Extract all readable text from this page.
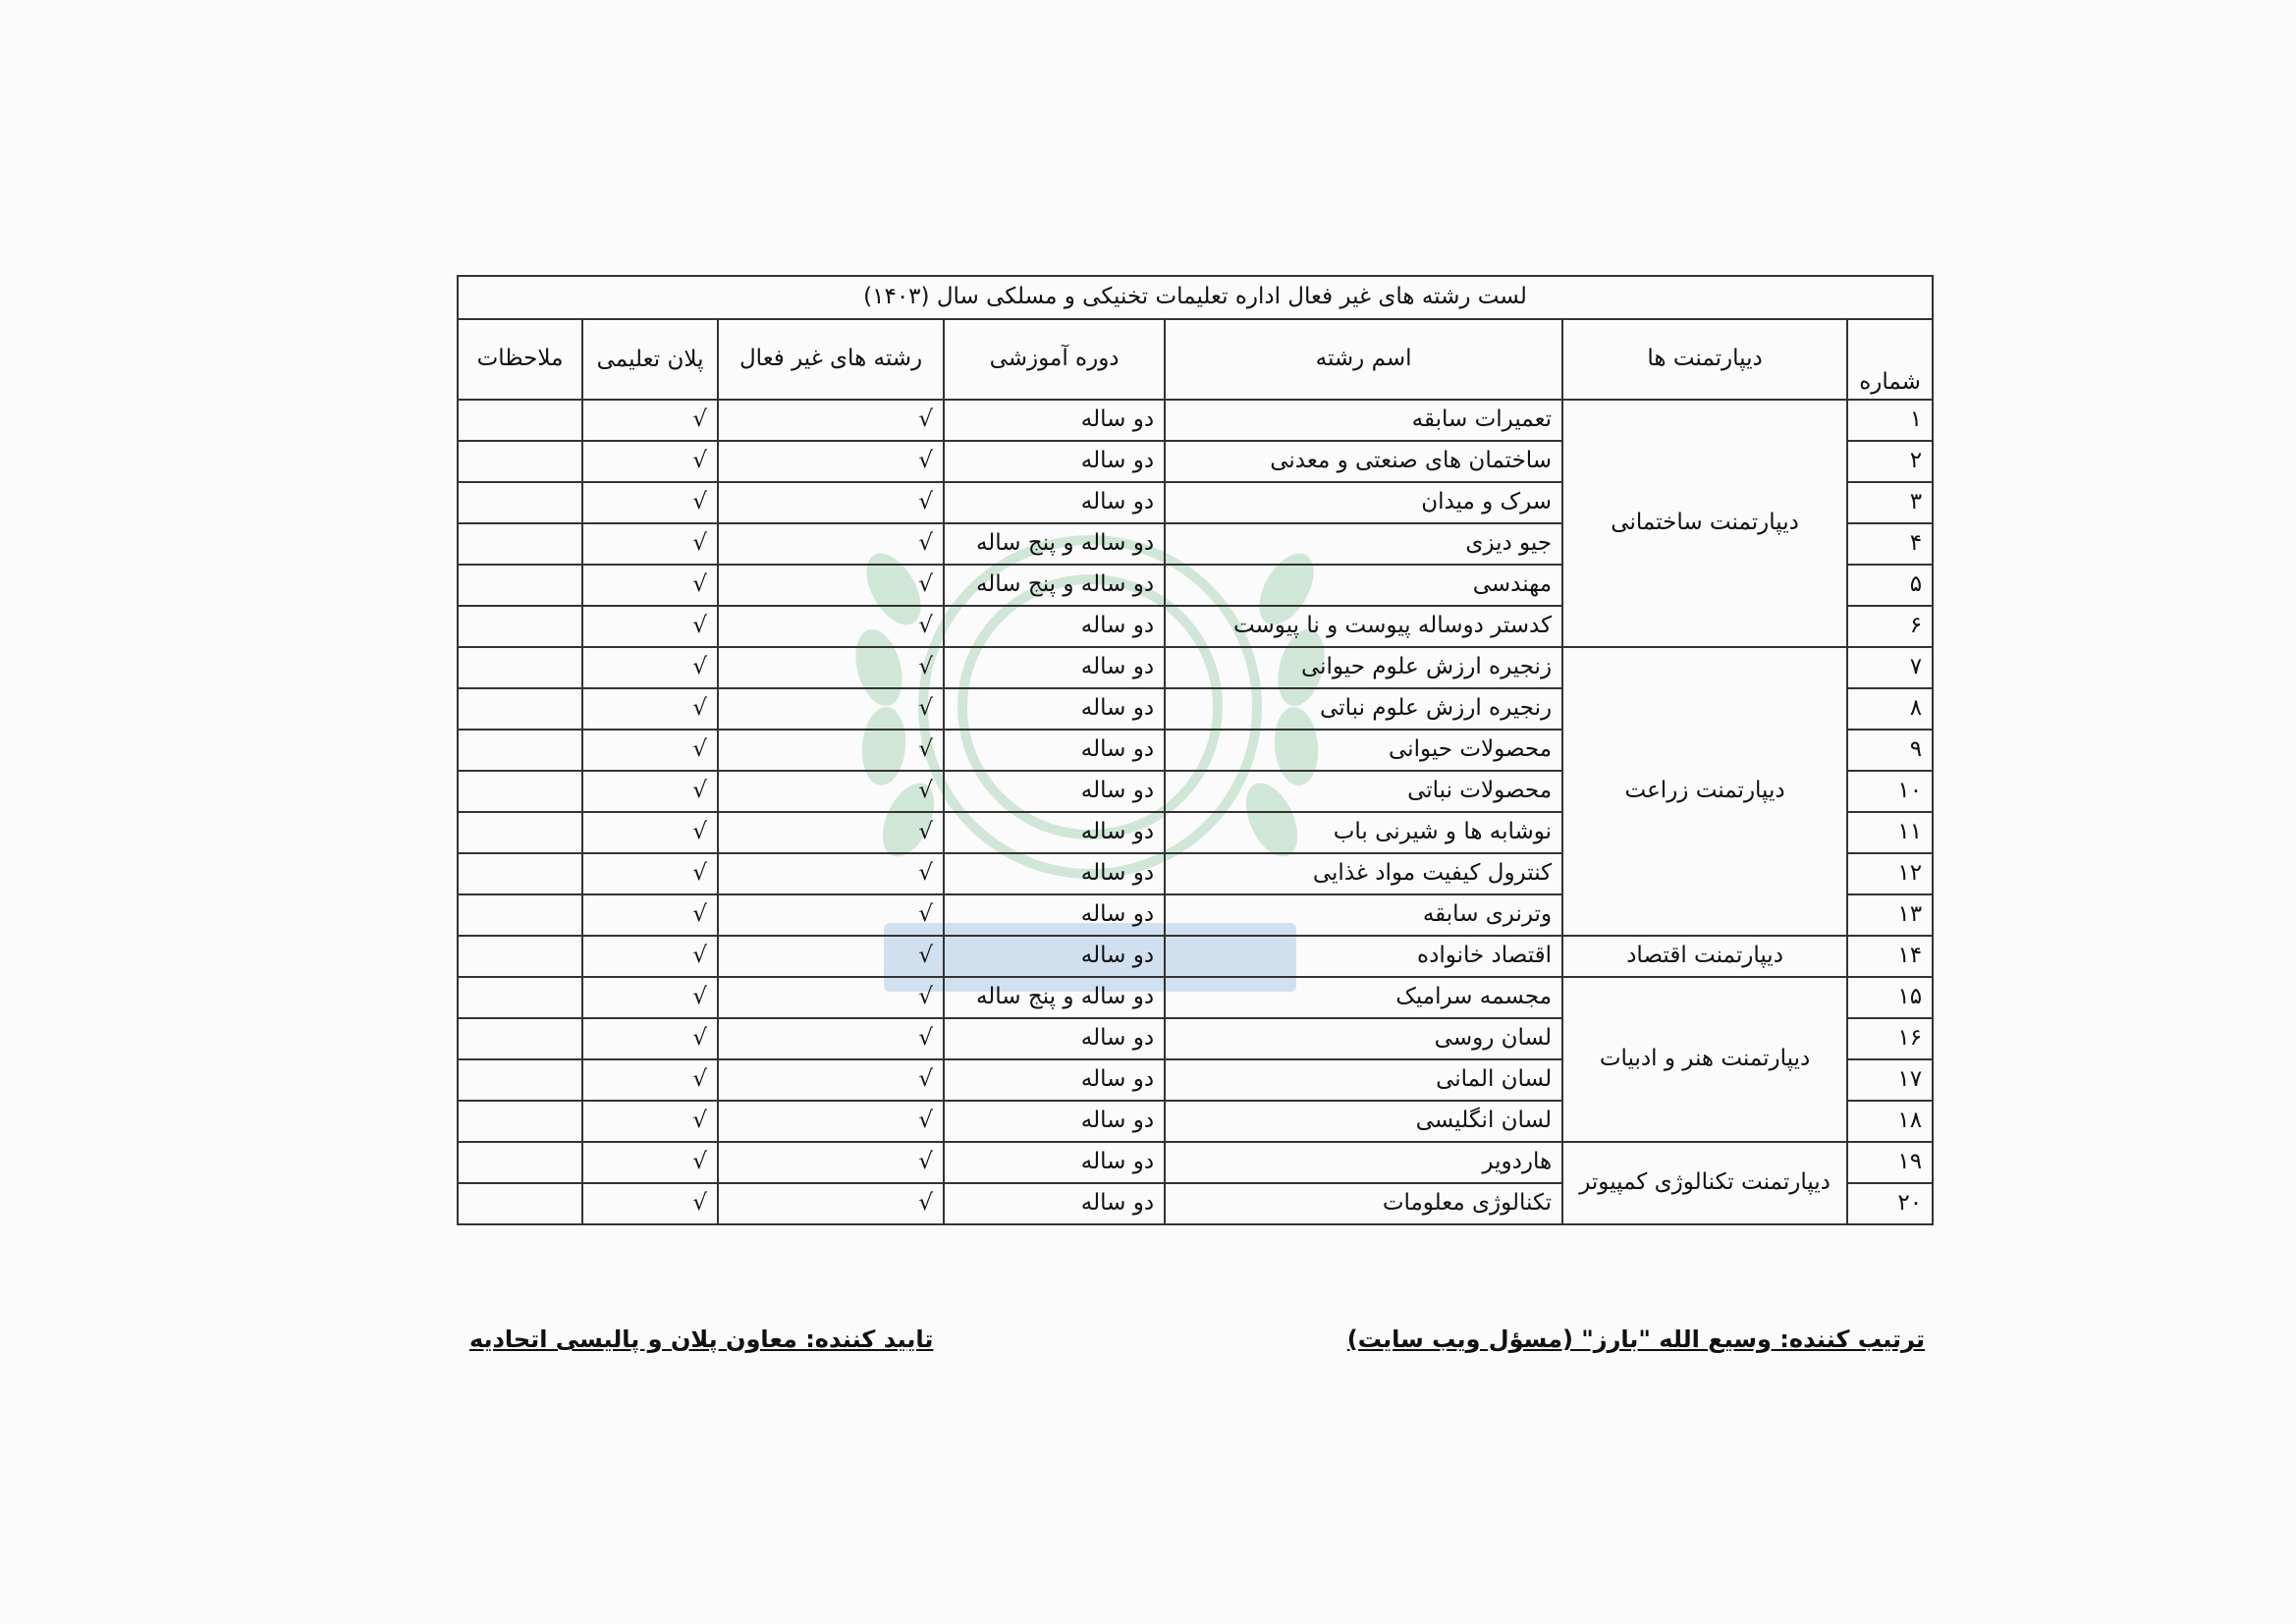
لست رشته های غیر فعال اداره تعلیمات تخنیکی و مسلکی سال (۱۴۰۳)						
شماره	دیپارتمنت ها	اسم رشته	دوره آموزشی	رشته های غیر فعال	پلان تعلیمی	ملاحظات
۱	دیپارتمنت ساختمانی	تعمیرات سابقه	دو ساله	√	√	
۲		ساختمان های صنعتی و معدنی	دو ساله	√	√	
۳		سرک و میدان	دو ساله	√	√	
۴		جیو دیزی	دو ساله و پنج ساله	√	√	
۵		مهندسی	دو ساله و پنج ساله	√	√	
۶		کدستر دوساله پیوست و نا پیوست	دو ساله	√	√	
۷	دیپارتمنت زراعت	زنجیره ارزش علوم حیوانی	دو ساله	√	√	
۸		رنجیره ارزش علوم نباتی	دو ساله	√	√	
۹		محصولات حیوانی	دو ساله	√	√	
۱۰		محصولات نباتی	دو ساله	√	√	
۱۱		نوشابه ها و شیرنی باب	دو ساله	√	√	
۱۲		کنترول کیفیت مواد غذایی	دو ساله	√	√	
۱۳		وترنری سابقه	دو ساله	√	√	
۱۴	دیپارتمنت اقتصاد	اقتصاد خانواده	دو ساله	√	√	
۱۵	دیپارتمنت هنر و ادبیات	مجسمه سرامیک	دو ساله و پنج ساله	√	√	
۱۶		لسان روسی	دو ساله	√	√	
۱۷		لسان المانی	دو ساله	√	√	
۱۸		لسان انگلیسی	دو ساله	√	√	
۱۹	دیپارتمنت تکنالوژی کمپیوتر	هاردویر	دو ساله	√	√	
۲۰		تکنالوژی معلومات	دو ساله	√	√	
ترتیب کننده: وسیع الله "بارز" (مسؤل ویب سایت)
تایید کننده: معاون پلان و پالیسی اتحادیه
